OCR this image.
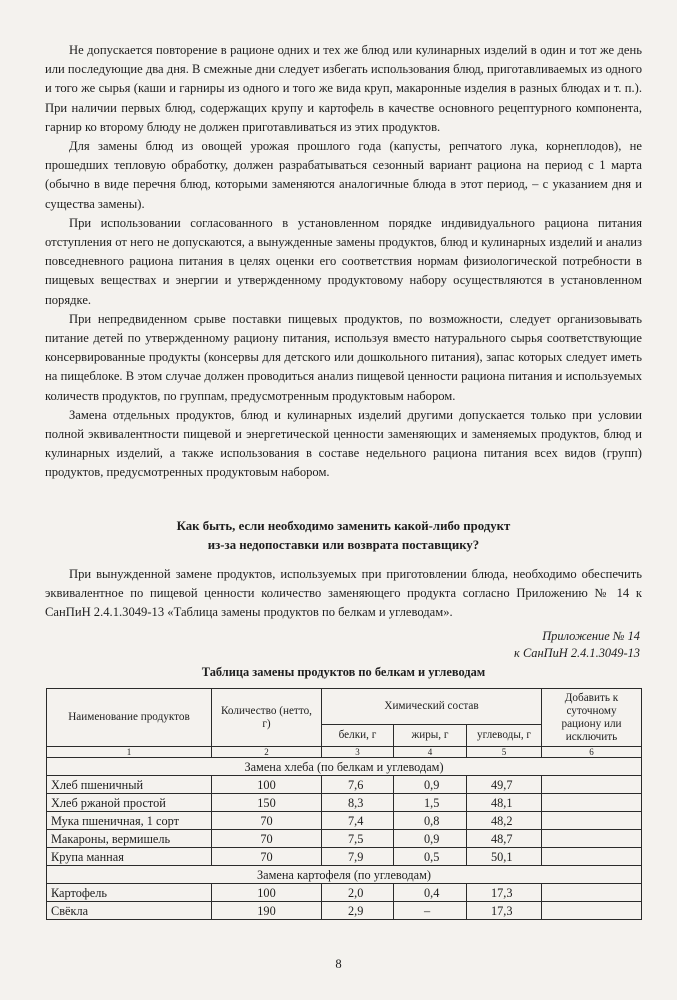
Не допускается повторение в рационе одних и тех же блюд или кулинарных изделий в один и тот же день или последующие два дня. В смежные дни следует избегать использования блюд, приготавливаемых из одного и того же сырья (каши и гарниры из одного и того же вида круп, макаронные изделия в разных блюдах и т. п.). При наличии первых блюд, содержащих крупу и картофель в качестве основного рецептурного компонента, гарнир ко второму блюду не должен приготавливаться из этих продуктов.

Для замены блюд из овощей урожая прошлого года (капусты, репчатого лука, корнеплодов), не прошедших тепловую обработку, должен разрабатываться сезонный вариант рациона на период с 1 марта (обычно в виде перечня блюд, которыми заменяются аналогичные блюда в этот период, – с указанием дня и существа замены).

При использовании согласованного в установленном порядке индивидуального рациона питания отступления от него не допускаются, а вынужденные замены продуктов, блюд и кулинарных изделий и анализ повседневного рациона питания в целях оценки его соответствия нормам физиологической потребности в пищевых веществах и энергии и утвержденному продуктовому набору осуществляются в установленном порядке.

При непредвиденном срыве поставки пищевых продуктов, по возможности, следует организовывать питание детей по утвержденному рациону питания, используя вместо натурального сырья соответствующие консервированные продукты (консервы для детского или дошкольного питания), запас которых следует иметь на пищеблоке. В этом случае должен проводиться анализ пищевой ценности рациона питания и используемых количеств продуктов, по группам, предусмотренным продуктовым набором.

Замена отдельных продуктов, блюд и кулинарных изделий другими допускается только при условии полной эквивалентности пищевой и энергетической ценности заменяющих и заменяемых продуктов, блюд и кулинарных изделий, а также использования в составе недельного рациона питания всех видов (групп) продуктов, предусмотренных продуктовым набором.

Как быть, если необходимо заменить какой-либо продукт
из-за недопоставки или возврата поставщику?

При вынужденной замене продуктов, используемых при приготовлении блюда, необходимо обеспечить эквивалентное по пищевой ценности количество заменяющего продукта согласно Приложению № 14 к СанПиН 2.4.1.3049-13 «Таблица замены продуктов по белкам и углеводам».

Приложение № 14
к СанПиН 2.4.1.3049-13
Таблица замены продуктов по белкам и углеводам
Наименование продуктов	Количество (нетто, г)	Химический состав			Добавить к суточному рациону или исключить
		белки, г	жиры, г	углеводы, г	
1	2	3	4	5	6
Замена хлеба (по белкам и углеводам)					
Хлеб пшеничный	100	7,6	0,9	49,7	
Хлеб ржаной простой	150	8,3	1,5	48,1	
Мука пшеничная, 1 сорт	70	7,4	0,8	48,2	
Макароны, вермишель	70	7,5	0,9	48,7	
Крупа манная	70	7,9	0,5	50,1	
Замена картофеля (по углеводам)					
Картофель	100	2,0	0,4	17,3	
Свёкла	190	2,9	–	17,3	
8
